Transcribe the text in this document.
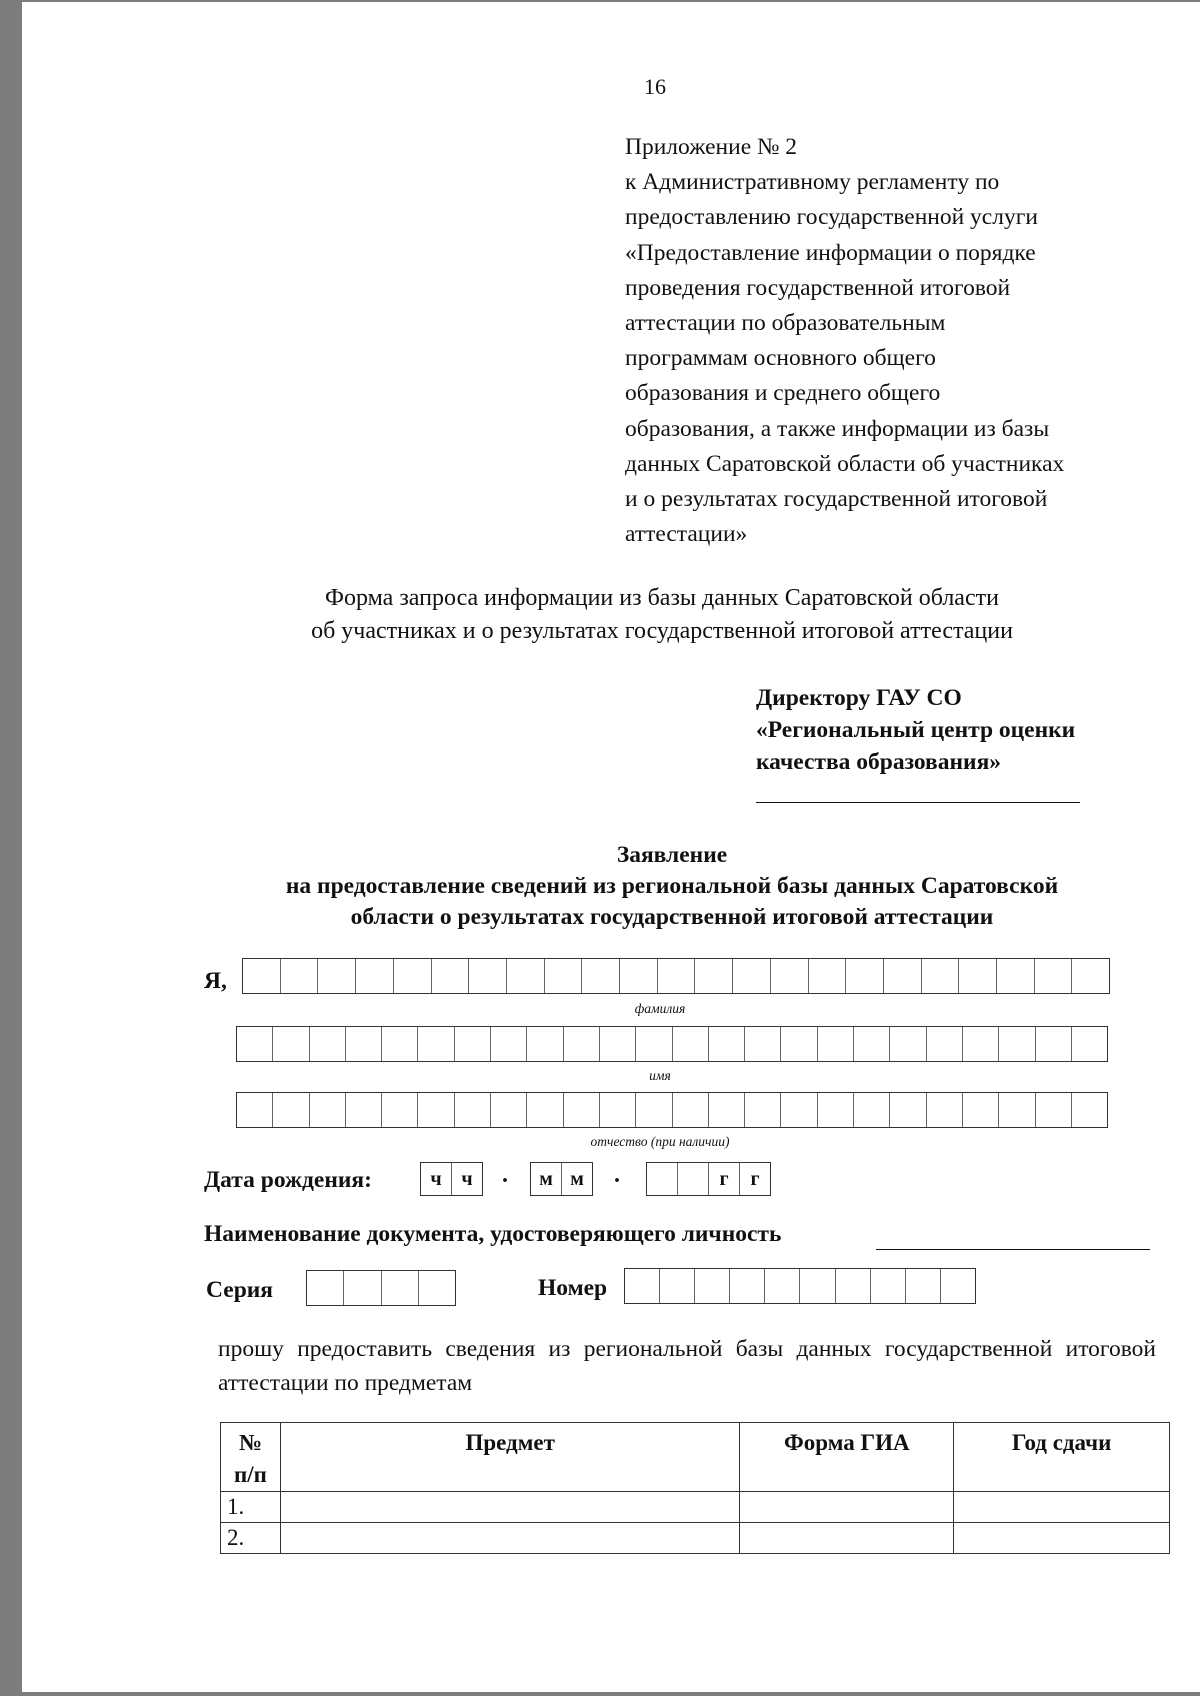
16
Приложение № 2
к Административному регламенту по
предоставлению государственной услуги
«Предоставление информации о порядке
проведения государственной итоговой
аттестации по образовательным
программам основного общего
образования и среднего общего
образования, а также информации из базы
данных Саратовской области об участниках
и о результатах государственной итоговой
аттестации»
Форма запроса информации из базы данных Саратовской области
об участниках и о результатах государственной итоговой аттестации
Директору ГАУ СО
«Региональный центр оценки
качества образования»
Заявление
на предоставление сведений из региональной базы данных Саратовской
области о результатах государственной итоговой аттестации
Я,
фамилия
имя
отчество (при наличии)
Дата рождения:	ч ч	.	м м	.	г	г
Наименование документа, удостоверяющего личность
Серия	Номер
прошу предоставить сведения из региональной базы данных государственной итоговой аттестации по предметам
№ п/п	Предмет	Форма ГИА	Год сдачи
1.			
2.			
